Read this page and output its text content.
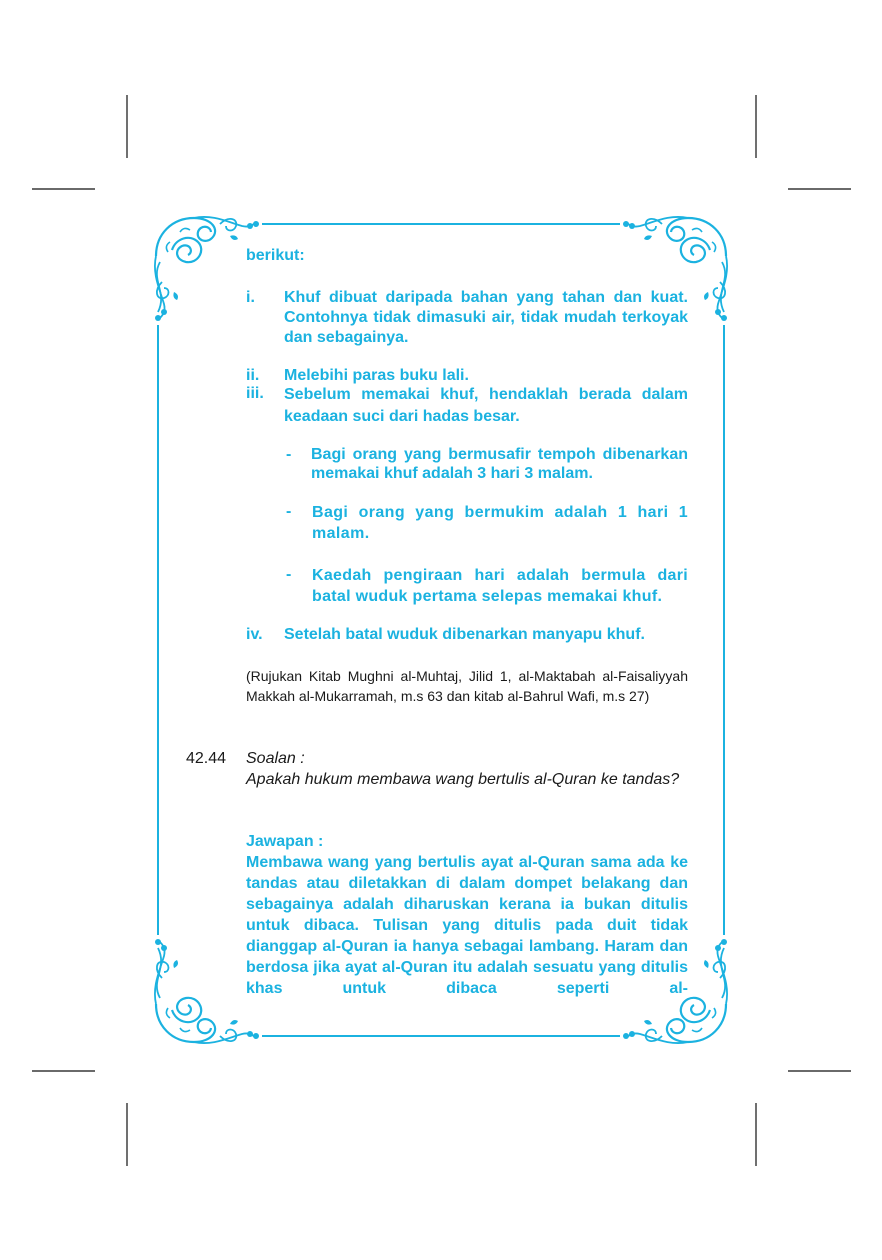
berikut:
i. Khuf dibuat daripada bahan yang tahan dan kuat. Contohnya tidak dimasuki air, tidak mudah terkoyak dan sebagainya.
ii. Melebihi paras buku lali.
iii. Sebelum memakai khuf, hendaklah berada dalam keadaan suci dari hadas besar.
- Bagi orang yang bermusafir tempoh dibenarkan memakai khuf adalah 3 hari 3 malam.
- Bagi orang yang bermukim adalah 1 hari 1 malam.
- Kaedah pengiraan hari adalah bermula dari batal wuduk pertama selepas memakai khuf.
iv. Setelah batal wuduk dibenarkan manyapu khuf.
(Rujukan Kitab Mughni al-Muhtaj, Jilid 1, al-Maktabah al-Faisaliyyah Makkah al-Mukarramah, m.s 63 dan kitab al-Bahrul Wafi, m.s 27)
42.44 Soalan :
Apakah hukum membawa wang bertulis al-Quran ke tandas?
Jawapan :
Membawa wang yang bertulis ayat al-Quran sama ada ke tandas atau diletakkan di dalam dompet belakang dan sebagainya adalah diharuskan kerana ia bukan ditulis untuk dibaca. Tulisan yang ditulis pada duit tidak dianggap al-Quran ia hanya sebagai lambang. Haram dan berdosa jika ayat al-Quran itu adalah sesuatu yang ditulis khas untuk dibaca seperti al-
